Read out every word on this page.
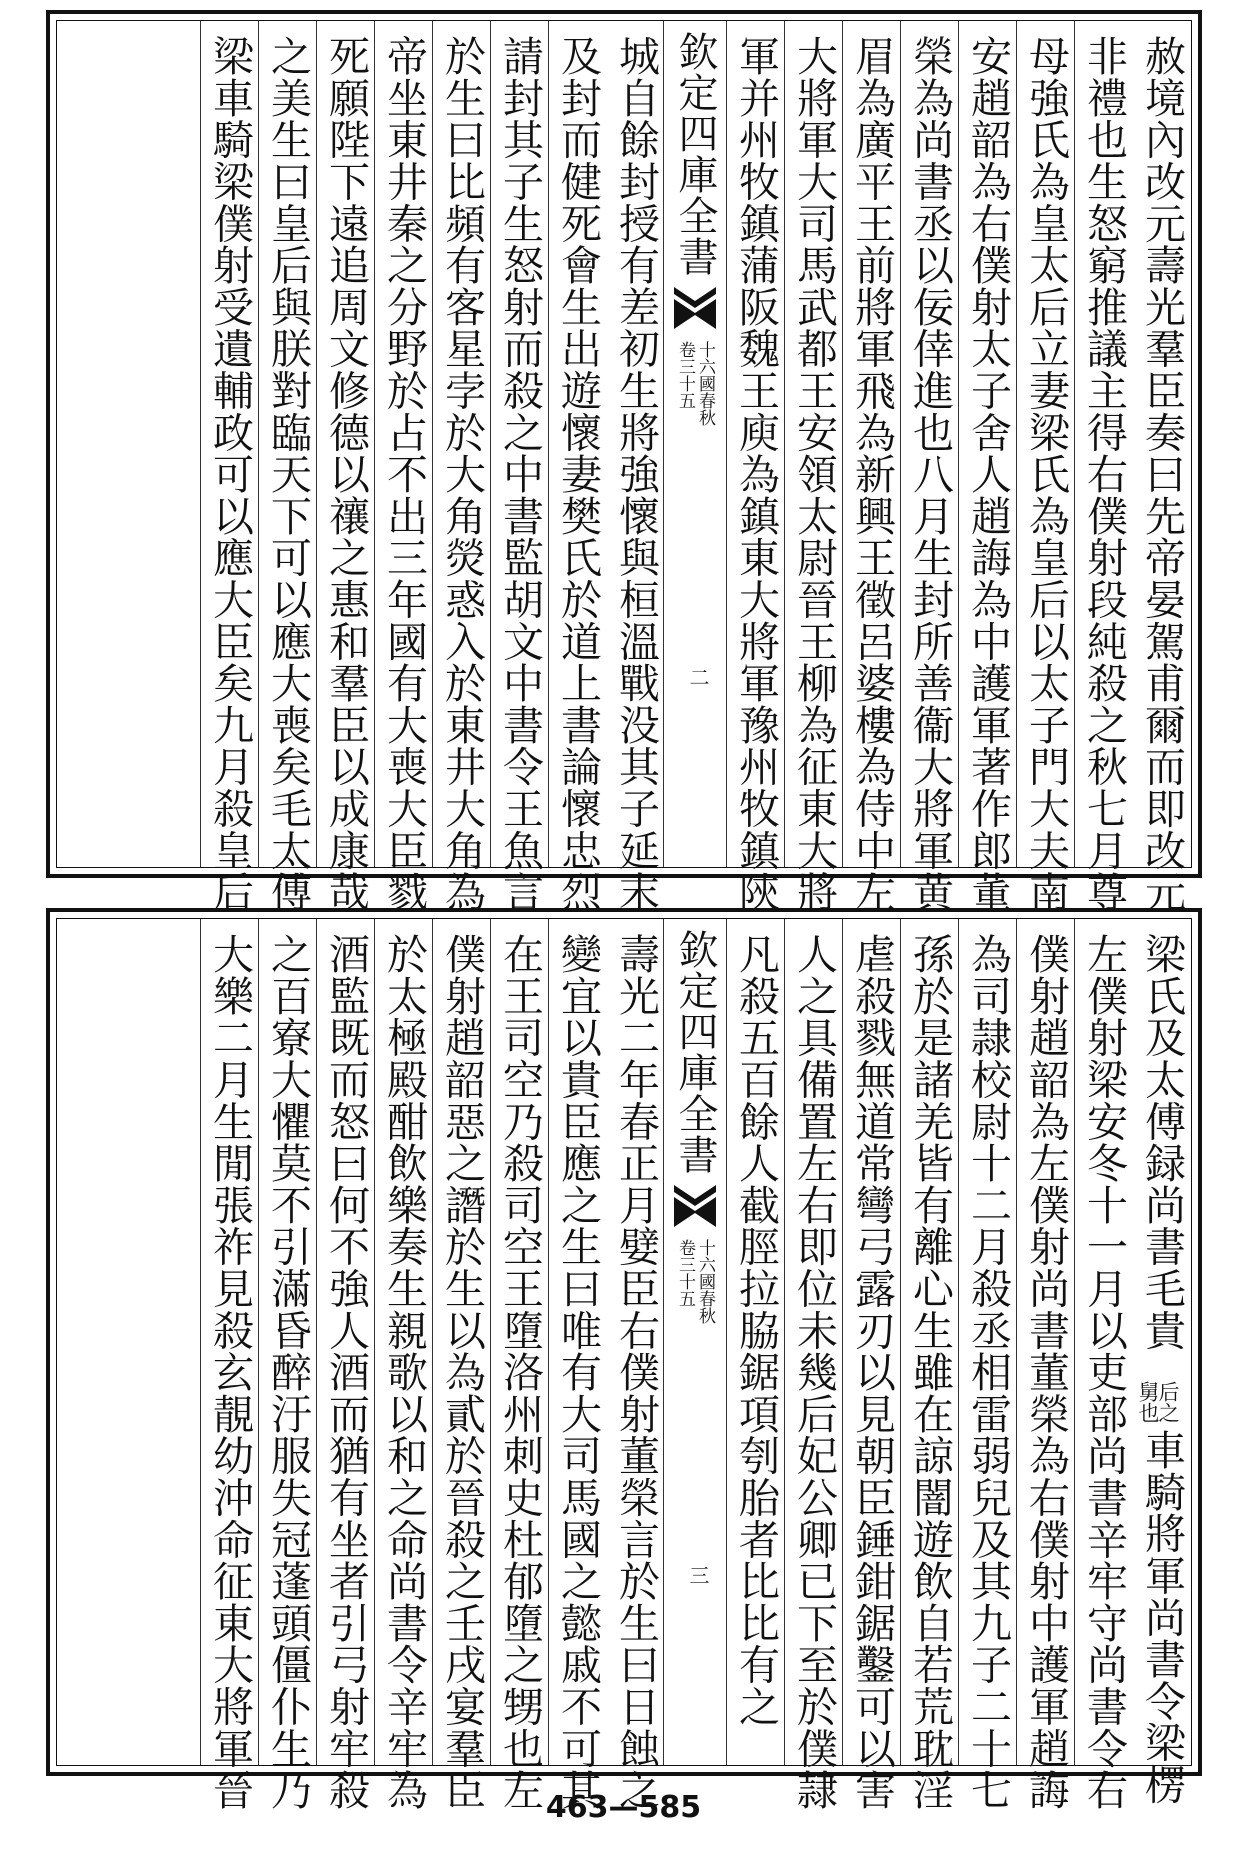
赦境內改元壽光羣臣奏曰先帝晏駕甫爾而即改元
非禮也生怒窮推議主得右僕射段純殺之秋七月尊
母強氏為皇太后立妻梁氏為皇后以太子門大夫南
安趙韶為右僕射太子舍人趙誨為中護軍著作郎董
榮為尚書丞以佞倖進也八月生封所善衞大將軍黄
眉為廣平王前將軍飛為新興王徵呂婆樓為侍中左
大將軍大司馬武都王安領太尉晉王柳為征東大將
軍并州牧鎮蒲阪魏王庾為鎮東大將軍豫州牧鎮陝
欽定四庫全書
十六國春秋
卷三十五
二
城自餘封授有差初生將強懷與桓溫戰没其子延末
及封而健死會生出遊懷妻樊氏於道上書論懷忠烈
請封其子生怒射而殺之中書監胡文中書令王魚言
於生曰比頻有客星孛於大角熒惑入於東井大角為
帝坐東井秦之分野於占不出三年國有大喪大臣戮
死願陛下遠追周文修德以禳之惠和羣臣以成康哉
之美生曰皇后與朕對臨天下可以應大喪矣毛太傅
梁車騎梁僕射受遺輔政可以應大臣矣九月殺皇后
梁氏及太傅録尚書毛貴
后之
舅也
車騎將軍尚書令梁楞
左僕射梁安冬十一月以吏部尚書辛牢守尚書令右
僕射趙韶為左僕射尚書董榮為右僕射中護軍趙誨
為司隷校尉十二月殺丞相雷弱兒及其九子二十七
孫於是諸羌皆有離心生雖在諒闇遊飲自若荒耽淫
虐殺戮無道常彎弓露刃以見朝臣錘鉗鋸鑿可以害
人之具備置左右即位未幾后妃公卿已下至於僕隷
凡殺五百餘人截脛拉脇鋸項刳胎者比比有之
欽定四庫全書
十六國春秋
卷三十五
三
壽光二年春正月嬖臣右僕射董榮言於生曰日蝕之
變宜以貴臣應之生曰唯有大司馬國之懿戚不可其
在王司空乃殺司空王墮洛州刺史杜郁墮之甥也左
僕射趙韶惡之譖於生以為貳於晉殺之壬戌宴羣臣
於太極殿酣飲樂奏生親歌以和之命尚書令辛牢為
酒監既而怒曰何不強人酒而猶有坐者引弓射牢殺
之百寮大懼莫不引滿昏醉汙服失冠蓬頭僵仆生乃
大樂二月生閒張祚見殺玄靚幼沖命征東大將軍晉	463—585
